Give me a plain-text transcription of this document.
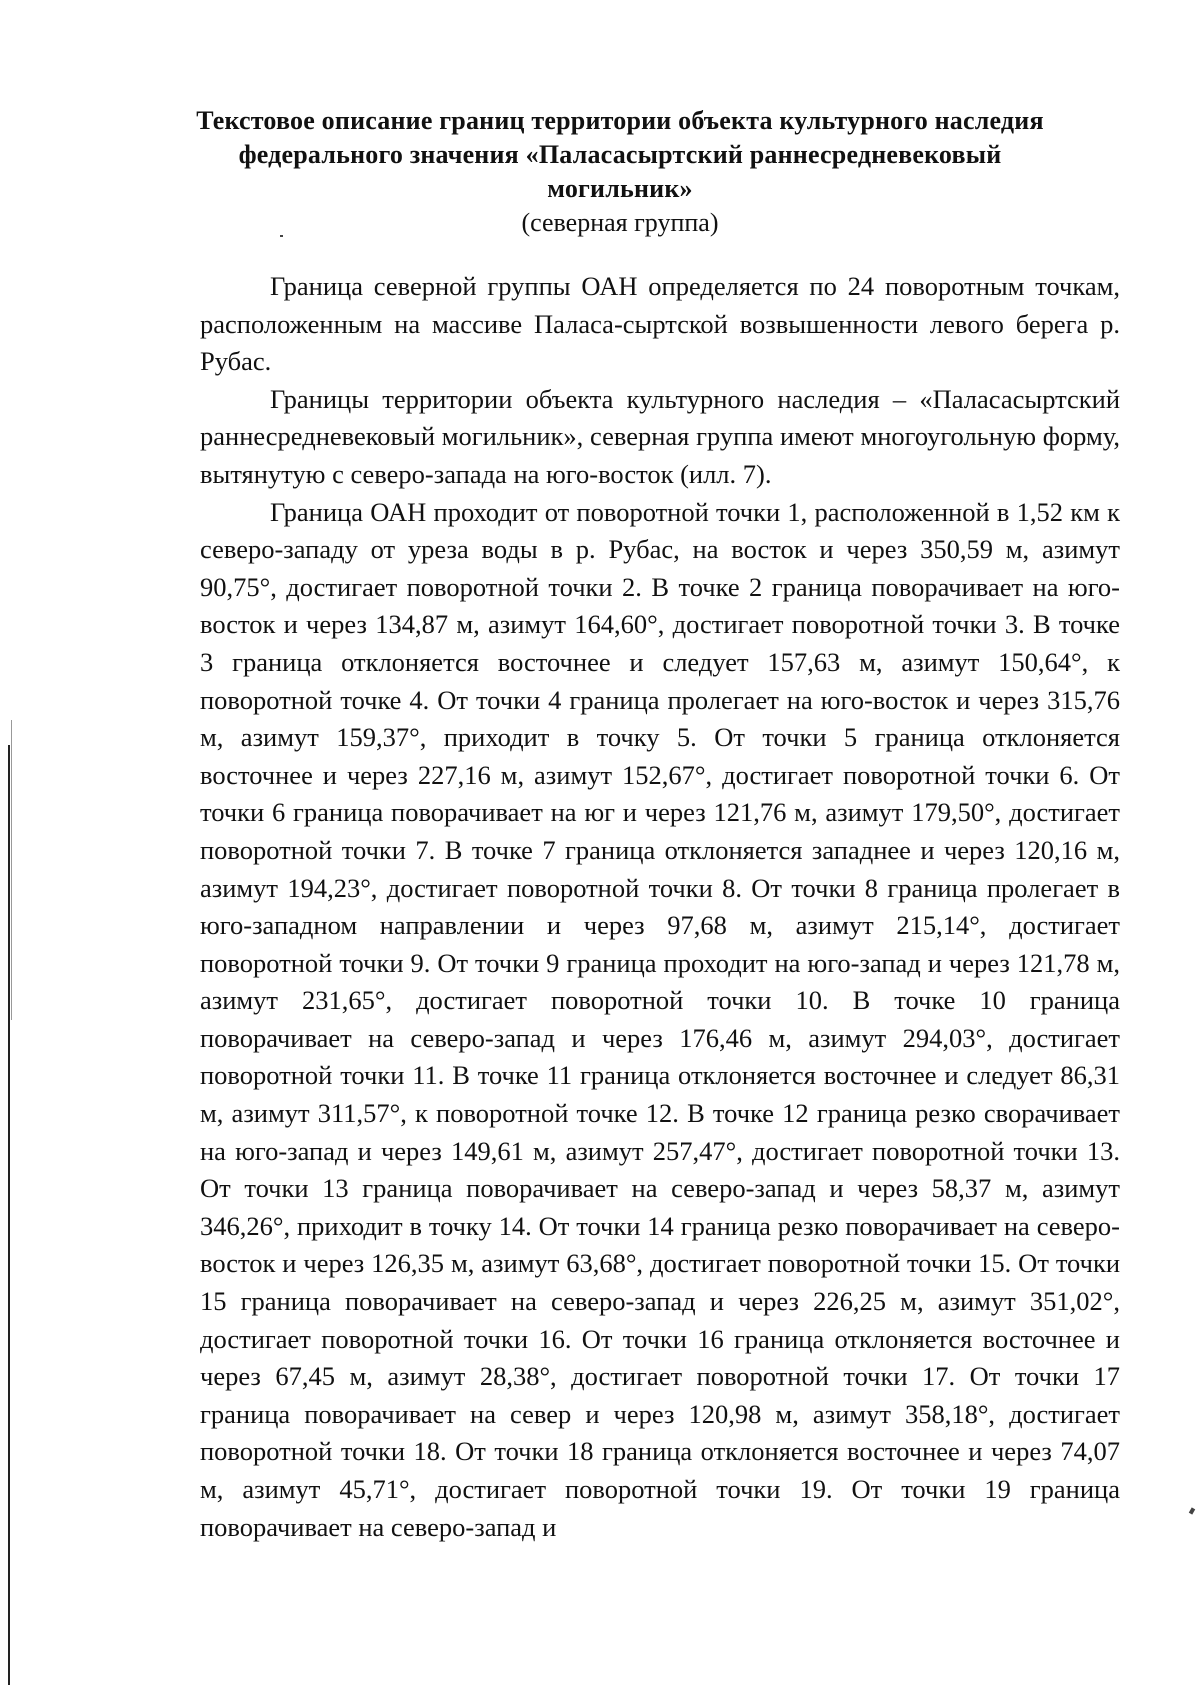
Текстовое описание границ территории объекта культурного наследия
федерального значения «Паласасыртский раннесредневековый
могильник»
(северная группа)

Граница северной группы ОАН определяется по 24 поворотным точкам, расположенным на массиве Паласа-сыртской возвышенности левого берега р. Рубас.

Границы территории объекта культурного наследия – «Паласасыртский раннесредневековый могильник», северная группа имеют многоугольную форму, вытянутую с северо-запада на юго-восток (илл. 7).

Граница ОАН проходит от поворотной точки 1, расположенной в 1,52 км к северо-западу от уреза воды в р. Рубас, на восток и через 350,59 м, азимут 90,75°, достигает поворотной точки 2. В точке 2 граница поворачивает на юго-восток и через 134,87 м, азимут 164,60°, достигает поворотной точки 3. В точке 3 граница отклоняется восточнее и следует 157,63 м, азимут 150,64°, к поворотной точке 4. От точки 4 граница пролегает на юго-восток и через 315,76 м, азимут 159,37°, приходит в точку 5. От точки 5 граница отклоняется восточнее и через 227,16 м, азимут 152,67°, достигает поворотной точки 6. От точки 6 граница поворачивает на юг и через 121,76 м, азимут 179,50°, достигает поворотной точки 7. В точке 7 граница отклоняется западнее и через 120,16 м, азимут 194,23°, достигает поворотной точки 8. От точки 8 граница пролегает в юго-западном направлении и через 97,68 м, азимут 215,14°, достигает поворотной точки 9. От точки 9 граница проходит на юго-запад и через 121,78 м, азимут 231,65°, достигает поворотной точки 10. В точке 10 граница поворачивает на северо-запад и через 176,46 м, азимут 294,03°, достигает поворотной точки 11. В точке 11 граница отклоняется восточнее и следует 86,31 м, азимут 311,57°, к поворотной точке 12. В точке 12 граница резко сворачивает на юго-запад и через 149,61 м, азимут 257,47°, достигает поворотной точки 13. От точки 13 граница поворачивает на северо-запад и через 58,37 м, азимут 346,26°, приходит в точку 14. От точки 14 граница резко поворачивает на северо-восток и через 126,35 м, азимут 63,68°, достигает поворотной точки 15. От точки 15 граница поворачивает на северо-запад и через 226,25 м, азимут 351,02°, достигает поворотной точки 16. От точки 16 граница отклоняется восточнее и через 67,45 м, азимут 28,38°, достигает поворотной точки 17. От точки 17 граница поворачивает на север и через 120,98 м, азимут 358,18°, достигает поворотной точки 18. От точки 18 граница отклоняется восточнее и через 74,07 м, азимут 45,71°, достигает поворотной точки 19. От точки 19 граница поворачивает на северо-запад и
